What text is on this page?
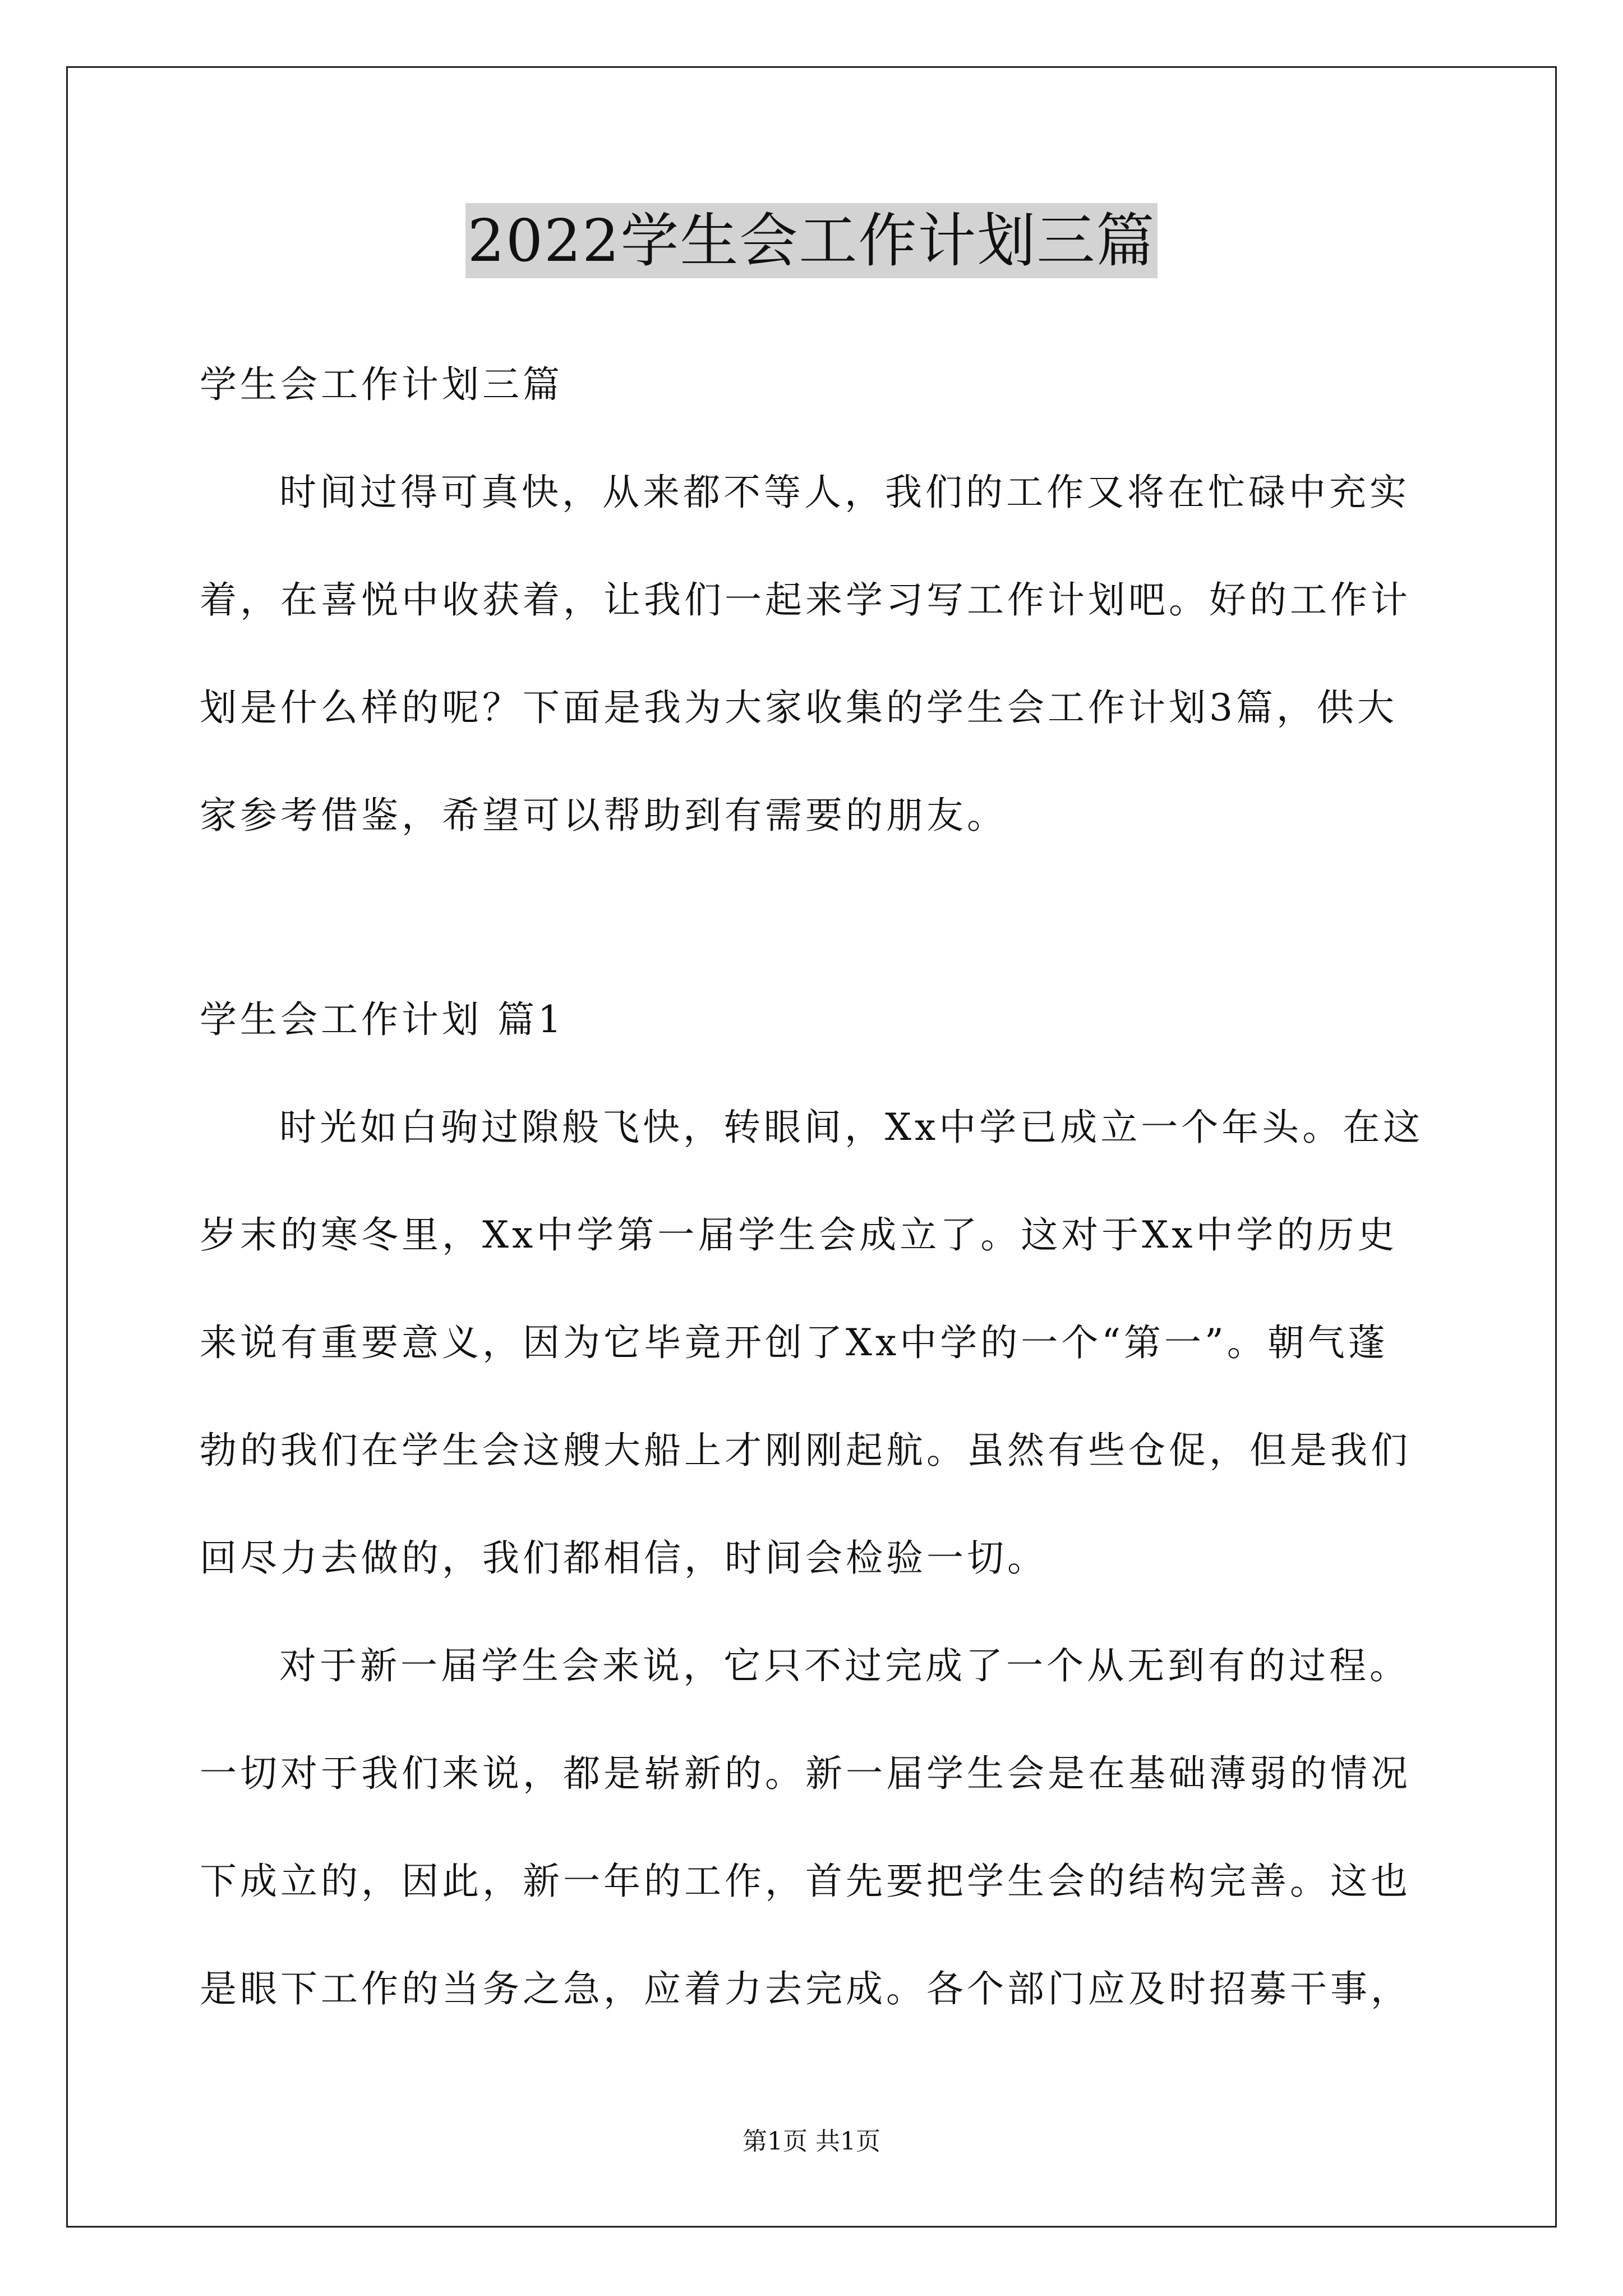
2022学生会工作计划三篇
学生会工作计划三篇
时间过得可真快，从来都不等人，我们的工作又将在忙碌中充实
着，在喜悦中收获着，让我们一起来学习写工作计划吧。好的工作计
划是什么样的呢？下面是我为大家收集的学生会工作计划3篇，供大
家参考借鉴，希望可以帮助到有需要的朋友。
学生会工作计划 篇1
时光如白驹过隙般飞快，转眼间，Xx中学已成立一个年头。在这
岁末的寒冬里，Xx中学第一届学生会成立了。这对于Xx中学的历史
来说有重要意义，因为它毕竟开创了Xx中学的一个“第一”。朝气蓬
勃的我们在学生会这艘大船上才刚刚起航。虽然有些仓促，但是我们
回尽力去做的，我们都相信，时间会检验一切。
对于新一届学生会来说，它只不过完成了一个从无到有的过程。
一切对于我们来说，都是崭新的。新一届学生会是在基础薄弱的情况
下成立的，因此，新一年的工作，首先要把学生会的结构完善。这也
是眼下工作的当务之急，应着力去完成。各个部门应及时招募干事，
第1页 共1页
